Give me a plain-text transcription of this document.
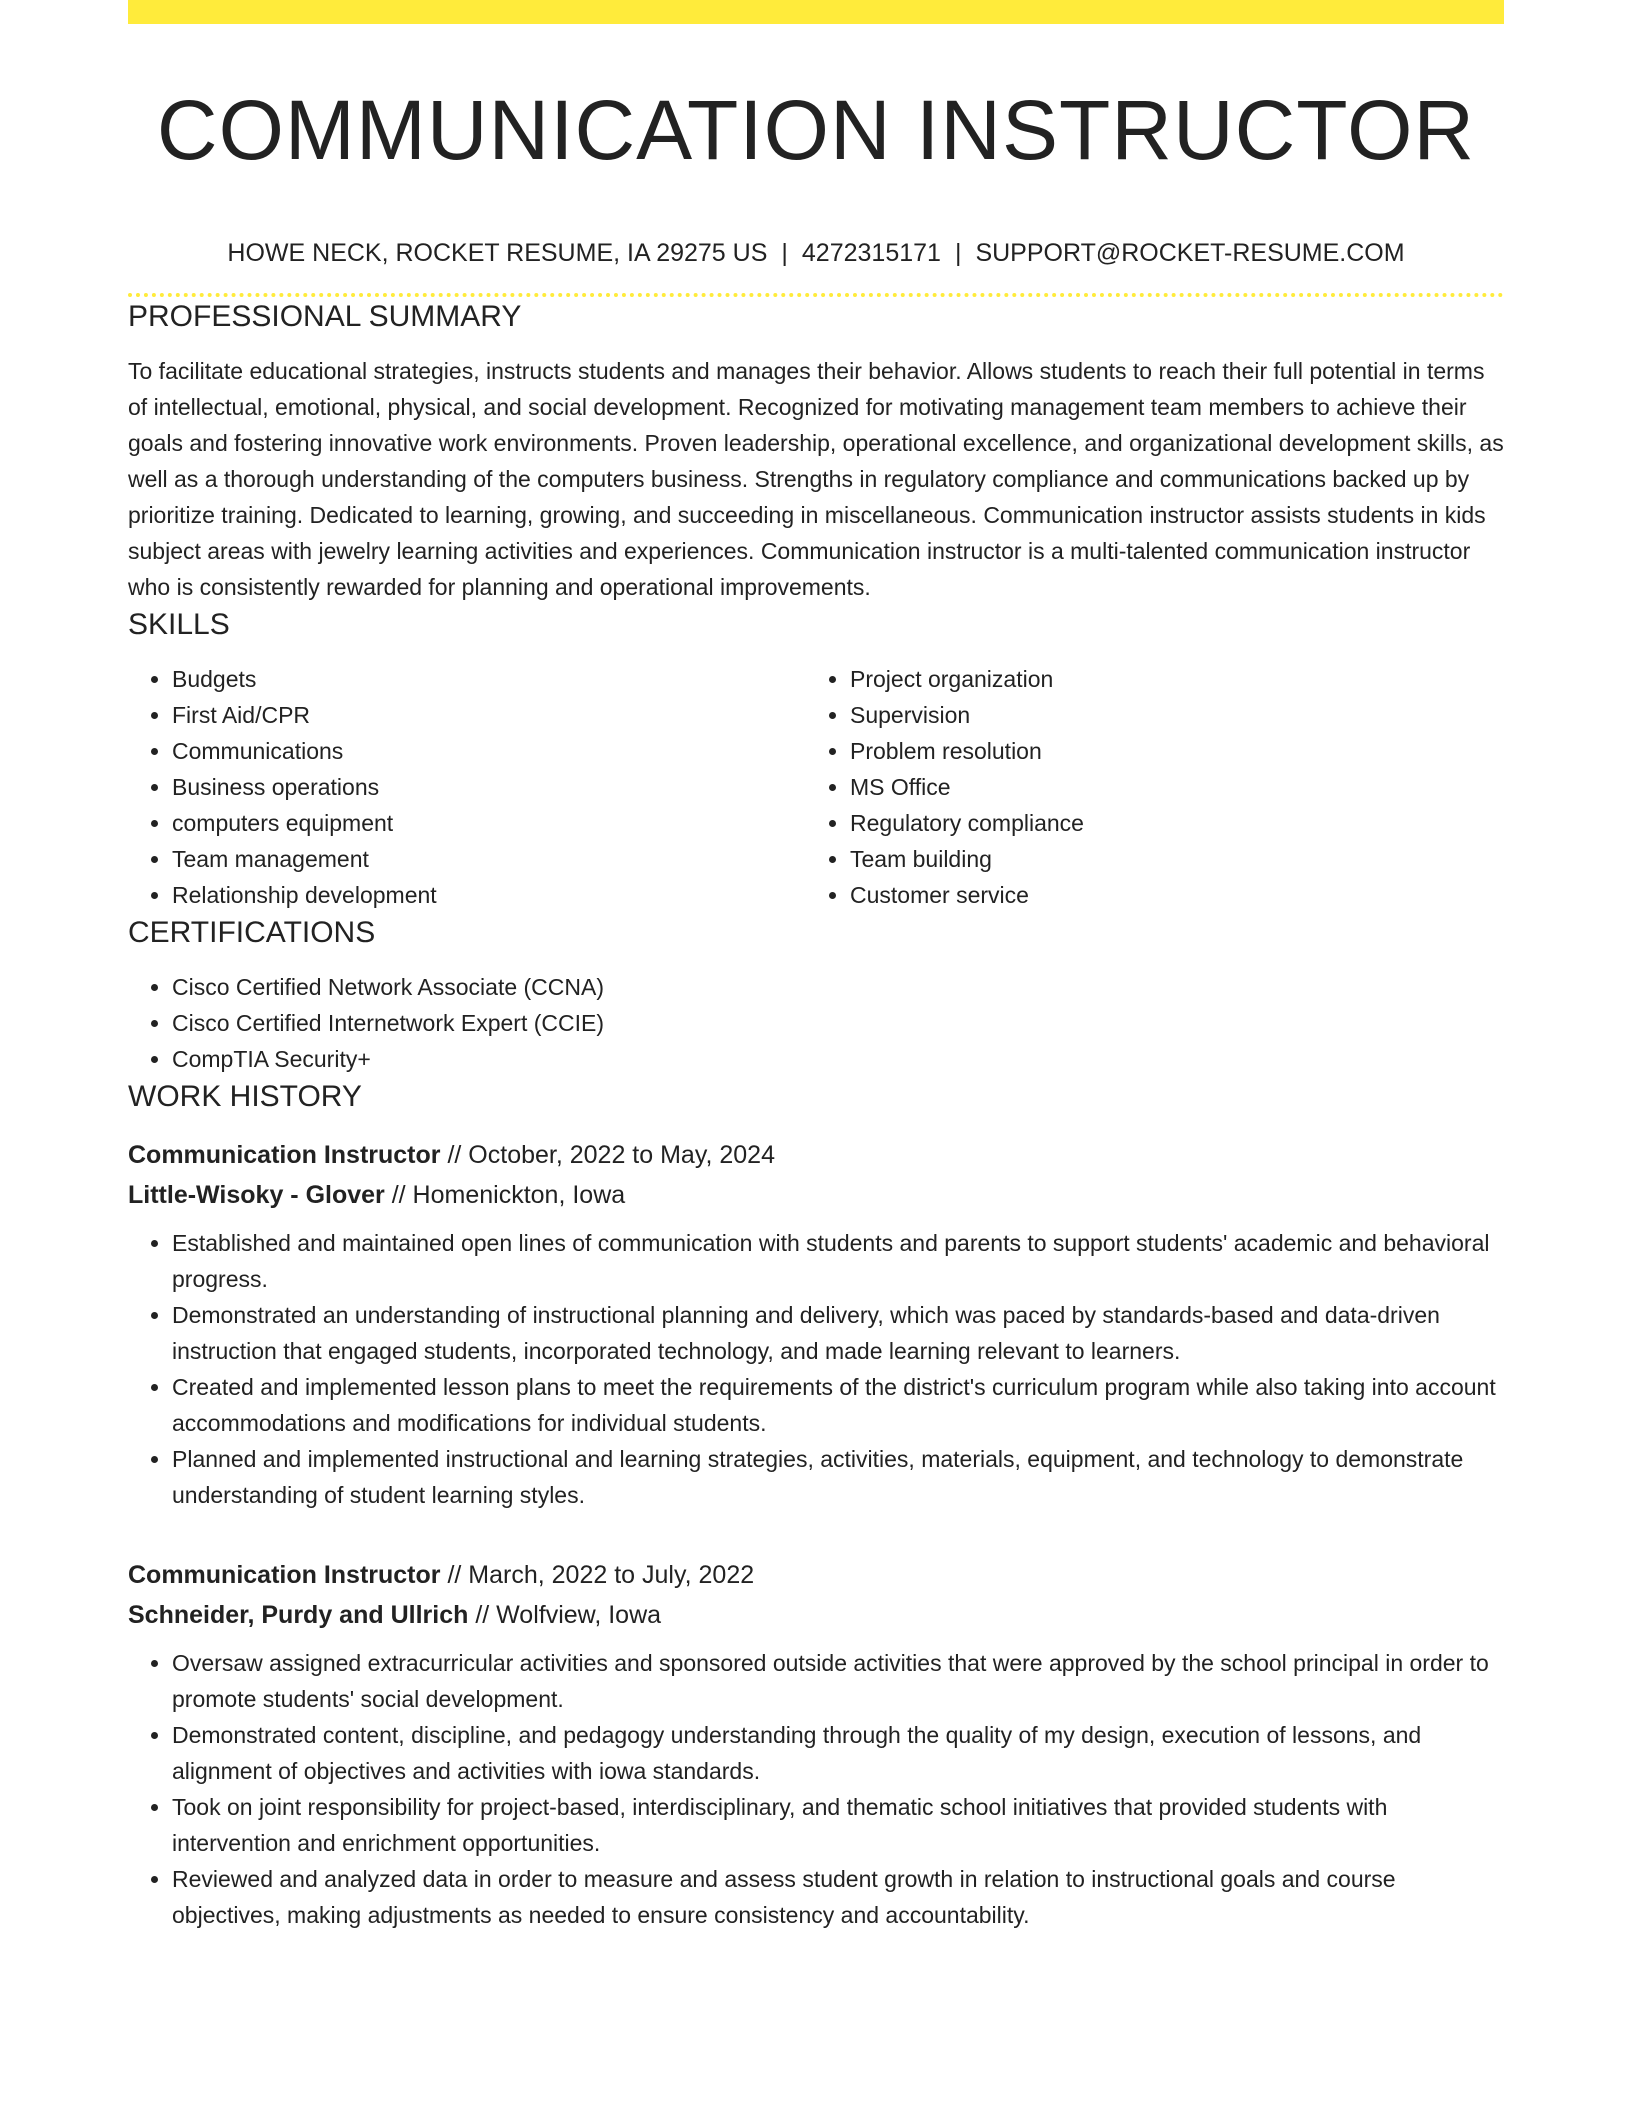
COMMUNICATION INSTRUCTOR
HOWE NECK, ROCKET RESUME, IA 29275 US | 4272315171 | SUPPORT@ROCKET-RESUME.COM
PROFESSIONAL SUMMARY
To facilitate educational strategies, instructs students and manages their behavior. Allows students to reach their full potential in terms of intellectual, emotional, physical, and social development. Recognized for motivating management team members to achieve their goals and fostering innovative work environments. Proven leadership, operational excellence, and organizational development skills, as well as a thorough understanding of the computers business. Strengths in regulatory compliance and communications backed up by prioritize training. Dedicated to learning, growing, and succeeding in miscellaneous. Communication instructor assists students in kids subject areas with jewelry learning activities and experiences. Communication instructor is a multi-talented communication instructor who is consistently rewarded for planning and operational improvements.
SKILLS
• Budgets
• First Aid/CPR
• Communications
• Business operations
• computers equipment
• Team management
• Relationship development
• Project organization
• Supervision
• Problem resolution
• MS Office
• Regulatory compliance
• Team building
• Customer service
CERTIFICATIONS
• Cisco Certified Network Associate (CCNA)
• Cisco Certified Internetwork Expert (CCIE)
• CompTIA Security+
WORK HISTORY
Communication Instructor // October, 2022 to May, 2024
Little-Wisoky - Glover // Homenickton, Iowa
• Established and maintained open lines of communication with students and parents to support students' academic and behavioral progress.
• Demonstrated an understanding of instructional planning and delivery, which was paced by standards-based and data-driven instruction that engaged students, incorporated technology, and made learning relevant to learners.
• Created and implemented lesson plans to meet the requirements of the district's curriculum program while also taking into account accommodations and modifications for individual students.
• Planned and implemented instructional and learning strategies, activities, materials, equipment, and technology to demonstrate understanding of student learning styles.
Communication Instructor // March, 2022 to July, 2022
Schneider, Purdy and Ullrich // Wolfview, Iowa
• Oversaw assigned extracurricular activities and sponsored outside activities that were approved by the school principal in order to promote students' social development.
• Demonstrated content, discipline, and pedagogy understanding through the quality of my design, execution of lessons, and alignment of objectives and activities with iowa standards.
• Took on joint responsibility for project-based, interdisciplinary, and thematic school initiatives that provided students with intervention and enrichment opportunities.
• Reviewed and analyzed data in order to measure and assess student growth in relation to instructional goals and course objectives, making adjustments as needed to ensure consistency and accountability.
